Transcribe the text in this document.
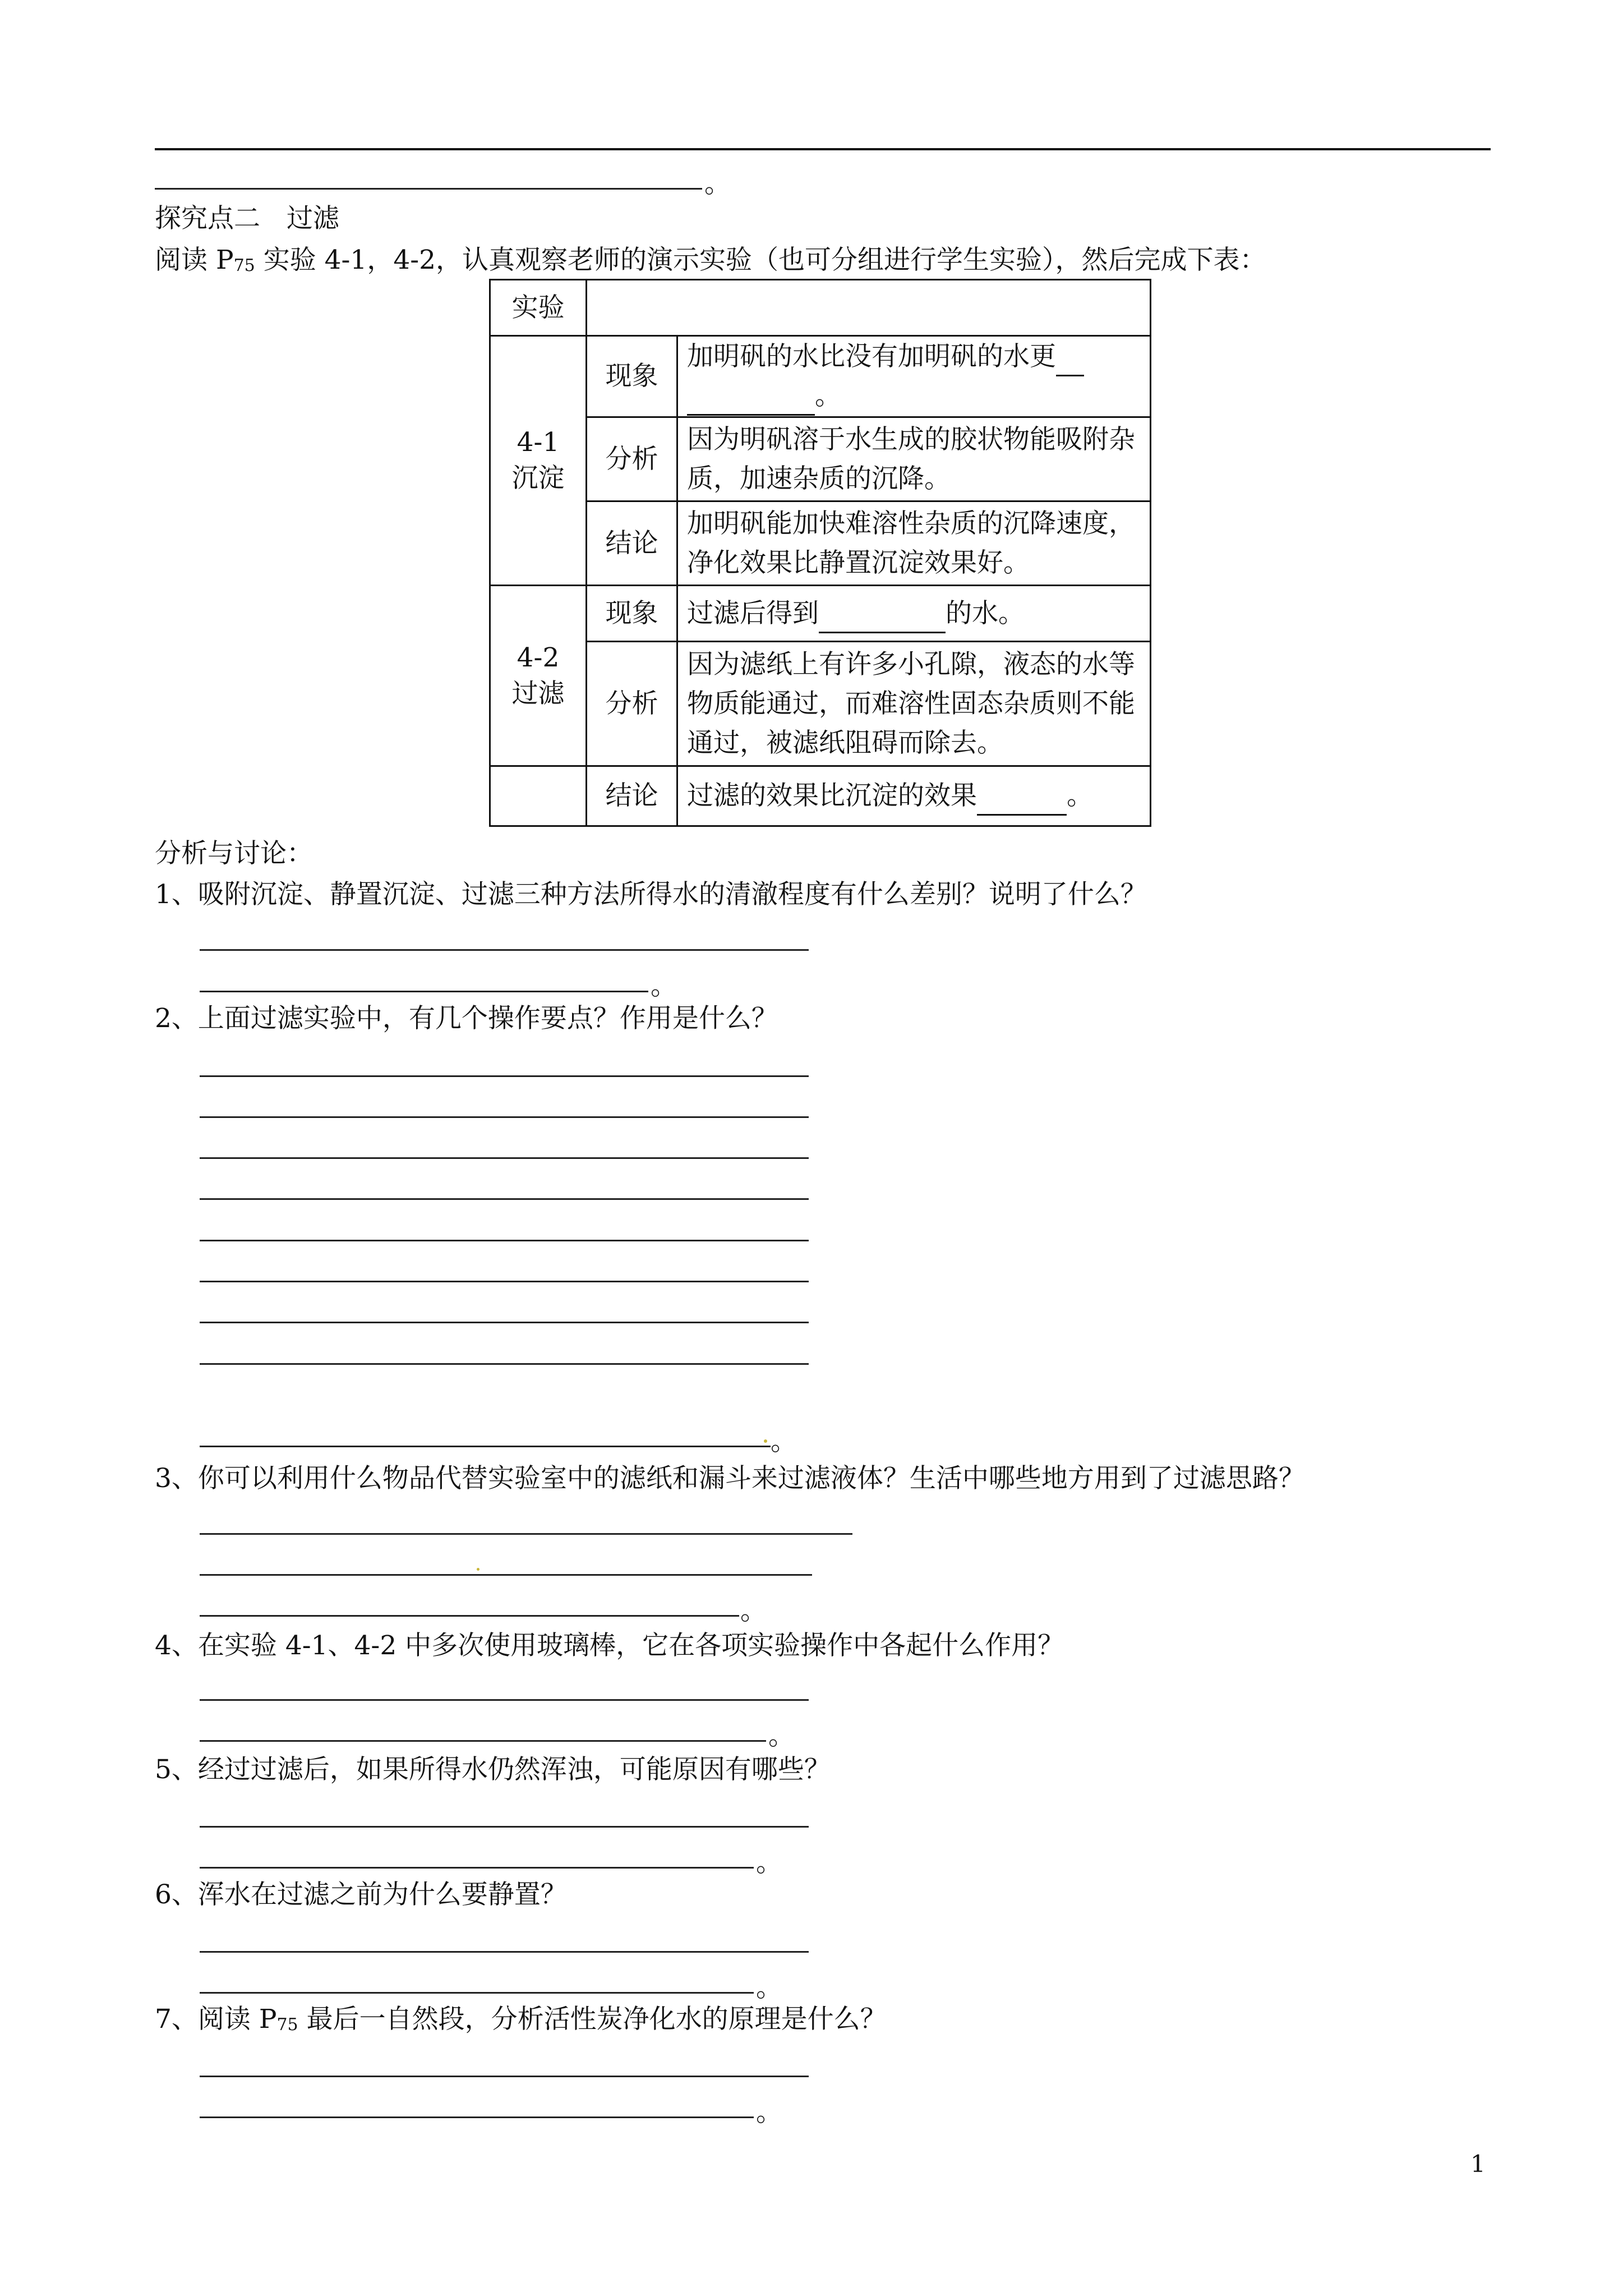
。
探究点二　过滤
阅读 $P_{75}$ 实验 4-1，4-2，认真观察老师的演示实验（也可分组进行学生实验），然后完成下表：
实验		
4-1
沉淀	现象	加明矾的水比没有加明矾的水更
。
	分析	因为明矾溶于水生成的胶状物能吸附杂质，加速杂质的沉降。
	结论	加明矾能加快难溶性杂质的沉降速度，净化效果比静置沉淀效果好。
4-2
过滤	现象	过滤后得到 的水。
	分析	因为滤纸上有许多小孔隙，液态的水等物质能通过，而难溶性固态杂质则不能通过，被滤纸阻碍而除去。
	结论	过滤的效果比沉淀的效果 。
分析与讨论：
1、吸附沉淀、静置沉淀、过滤三种方法所得水的清澈程度有什么差别？说明了什么？
。
2、上面过滤实验中，有几个操作要点？作用是什么？
。
3、你可以利用什么物品代替实验室中的滤纸和漏斗来过滤液体？生活中哪些地方用到了过滤思路？
。
4、在实验 4-1、4-2 中多次使用玻璃棒，它在各项实验操作中各起什么作用？
。
5、经过过滤后，如果所得水仍然浑浊，可能原因有哪些？
。
6、浑水在过滤之前为什么要静置？
。
7、阅读 $P_{75}$ 最后一自然段，分析活性炭净化水的原理是什么？
。
1
